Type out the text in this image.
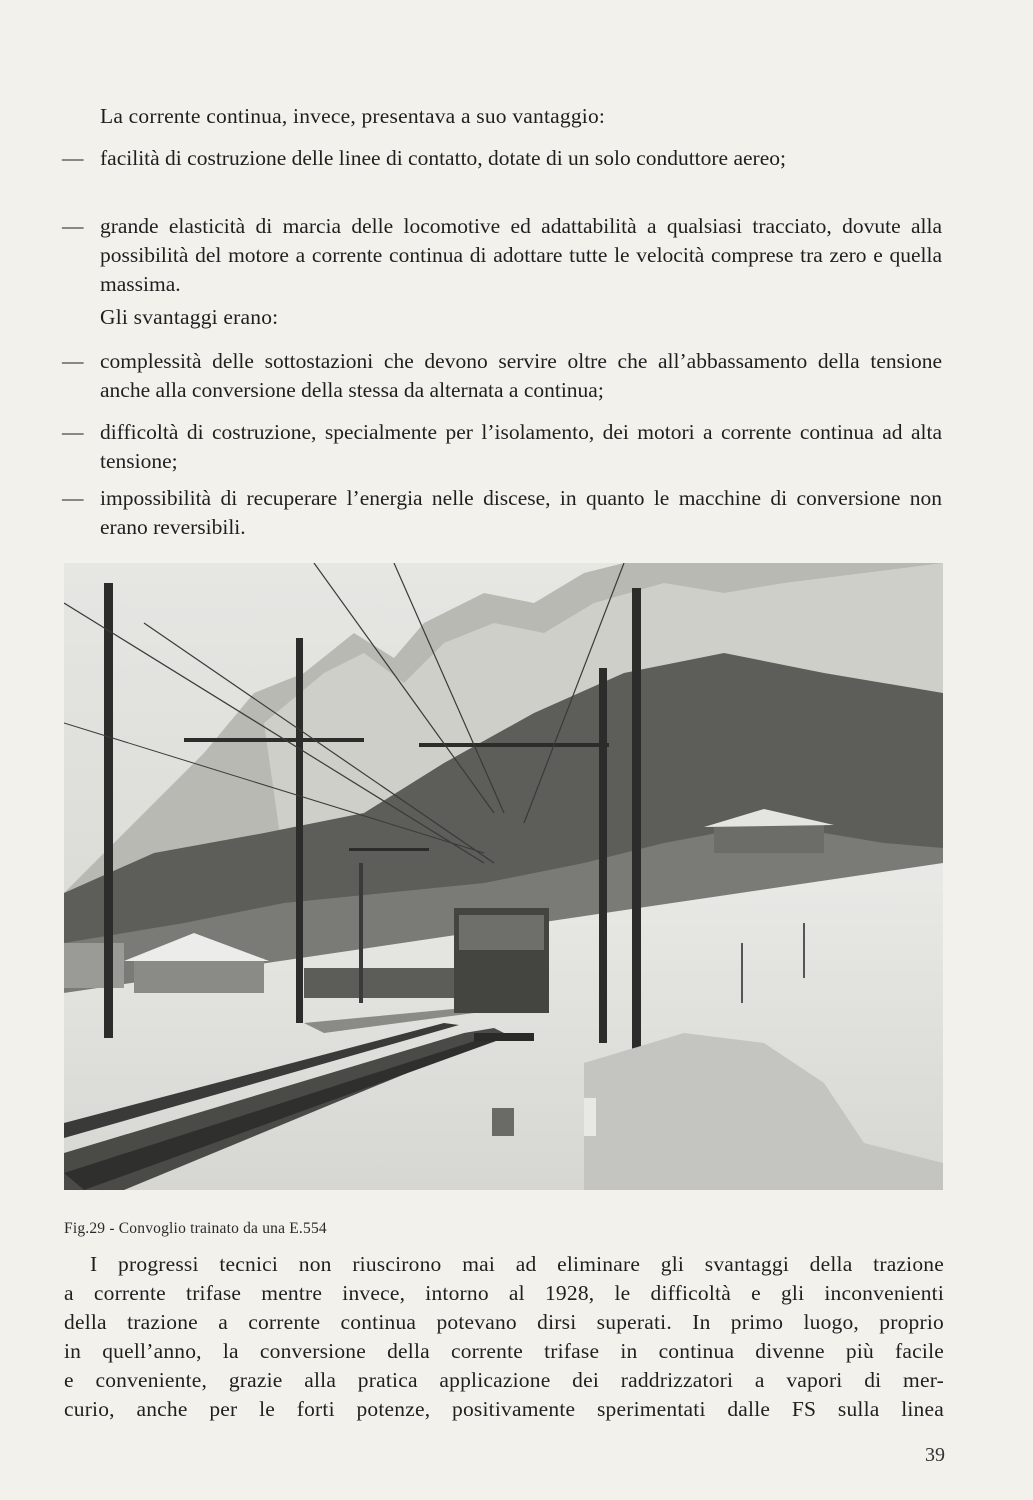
La corrente continua, invece, presentava a suo vantaggio:
— facilità di costruzione delle linee di contatto, dotate di un solo conduttore aereo;
— grande elasticità di marcia delle locomotive ed adattabilità a qualsiasi tracciato, dovute alla possibilità del motore a corrente continua di adottare tutte le velocità comprese tra zero e quella massima.
Gli svantaggi erano:
— complessità delle sottostazioni che devono servire oltre che all’abbassamento della tensione anche alla conversione della stessa da alternata a continua;
— difficoltà di costruzione, specialmente per l’isolamento, dei motori a corrente continua ad alta tensione;
— impossibilità di recuperare l’energia nelle discese, in quanto le macchine di conversione non erano reversibili.
Fig.29 - Convoglio trainato da una E.554
I progressi tecnici non riuscirono mai ad eliminare gli svantaggi della trazione
a corrente trifase mentre invece, intorno al 1928, le difficoltà e gli inconvenienti
della trazione a corrente continua potevano dirsi superati. In primo luogo, proprio
in quell’anno, la conversione della corrente trifase in continua divenne più facile
e conveniente, grazie alla pratica applicazione dei raddrizzatori a vapori di mer-
curio, anche per le forti potenze, positivamente sperimentati dalle FS sulla linea
39
